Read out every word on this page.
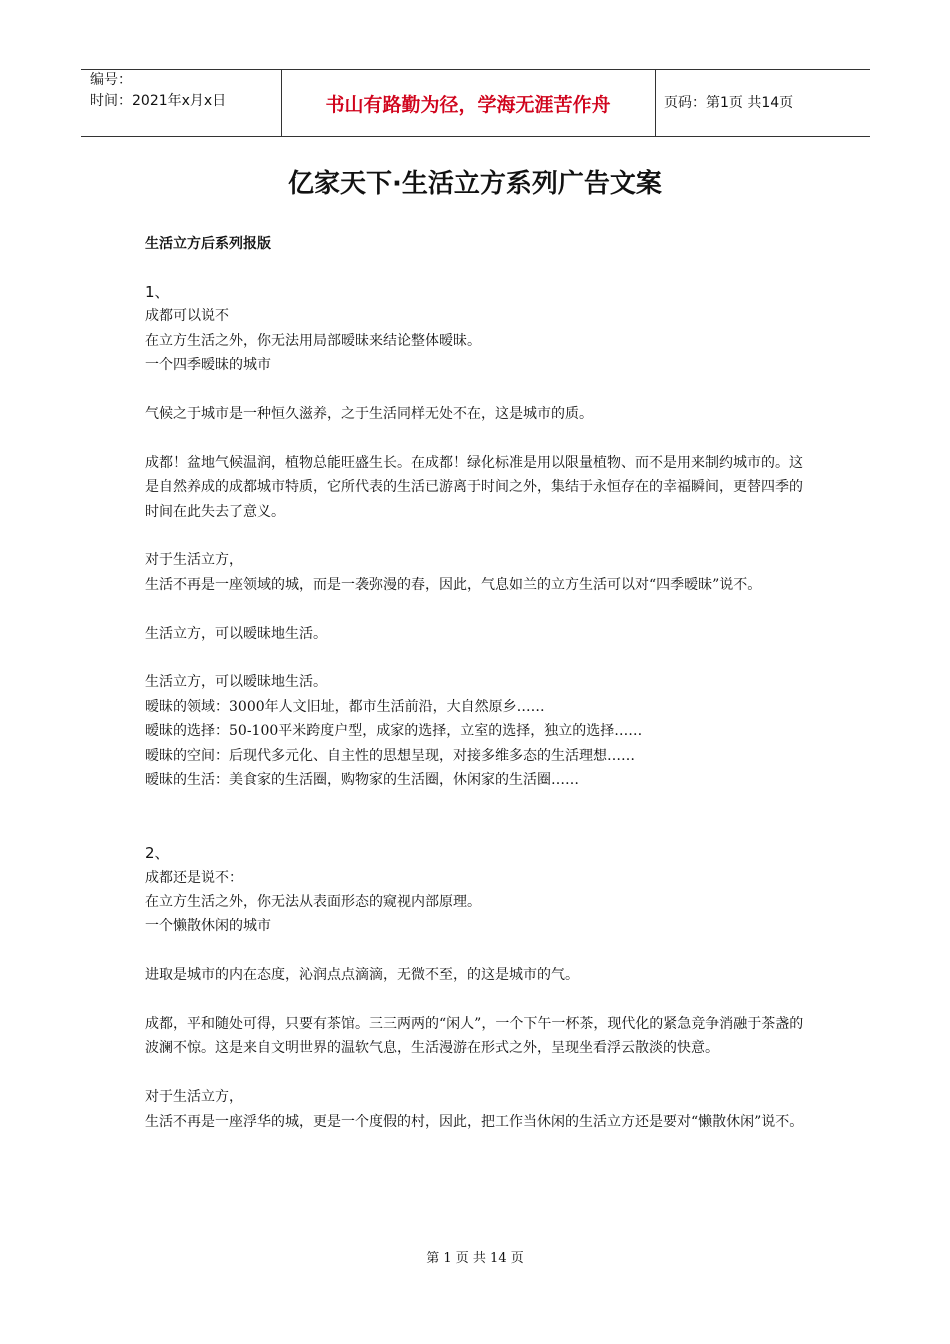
编号：
时间：2021年x月x日	书山有路勤为径，学海无涯苦作舟	页码：第1页 共14页
亿家天下·生活立方系列广告文案
生活立方后系列报版

1、

成都可以说不

在立方生活之外，你无法用局部暧昧来结论整体暧昧。

一个四季暧昧的城市

气候之于城市是一种恒久滋养，之于生活同样无处不在，这是城市的质。

成都！盆地气候温润，植物总能旺盛生长。在成都！绿化标准是用以限量植物、而不是用来制约城市的。这是自然养成的成都城市特质，它所代表的生活已游离于时间之外，集结于永恒存在的幸福瞬间，更替四季的时间在此失去了意义。

对于生活立方，

生活不再是一座领域的城，而是一袭弥漫的春，因此，气息如兰的立方生活可以对“四季暧昧”说不。

生活立方，可以暧昧地生活。

生活立方，可以暧昧地生活。

暧昧的领域：3000年人文旧址，都市生活前沿，大自然原乡……

暧昧的选择：50-100平米跨度户型，成家的选择，立室的选择，独立的选择……

暧昧的空间：后现代多元化、自主性的思想呈现，对接多维多态的生活理想……

暧昧的生活：美食家的生活圈，购物家的生活圈，休闲家的生活圈……

2、

成都还是说不：

在立方生活之外，你无法从表面形态的窥视内部原理。

一个懒散休闲的城市

进取是城市的内在态度，沁润点点滴滴，无微不至，的这是城市的气。

成都，平和随处可得，只要有茶馆。三三两两的“闲人”，一个下午一杯茶，现代化的紧急竞争消融于茶盏的波澜不惊。这是来自文明世界的温软气息，生活漫游在形式之外，呈现坐看浮云散淡的快意。

对于生活立方，

生活不再是一座浮华的城，更是一个度假的村，因此，把工作当休闲的生活立方还是要对“懒散休闲”说不。

第 1 页 共 14 页
